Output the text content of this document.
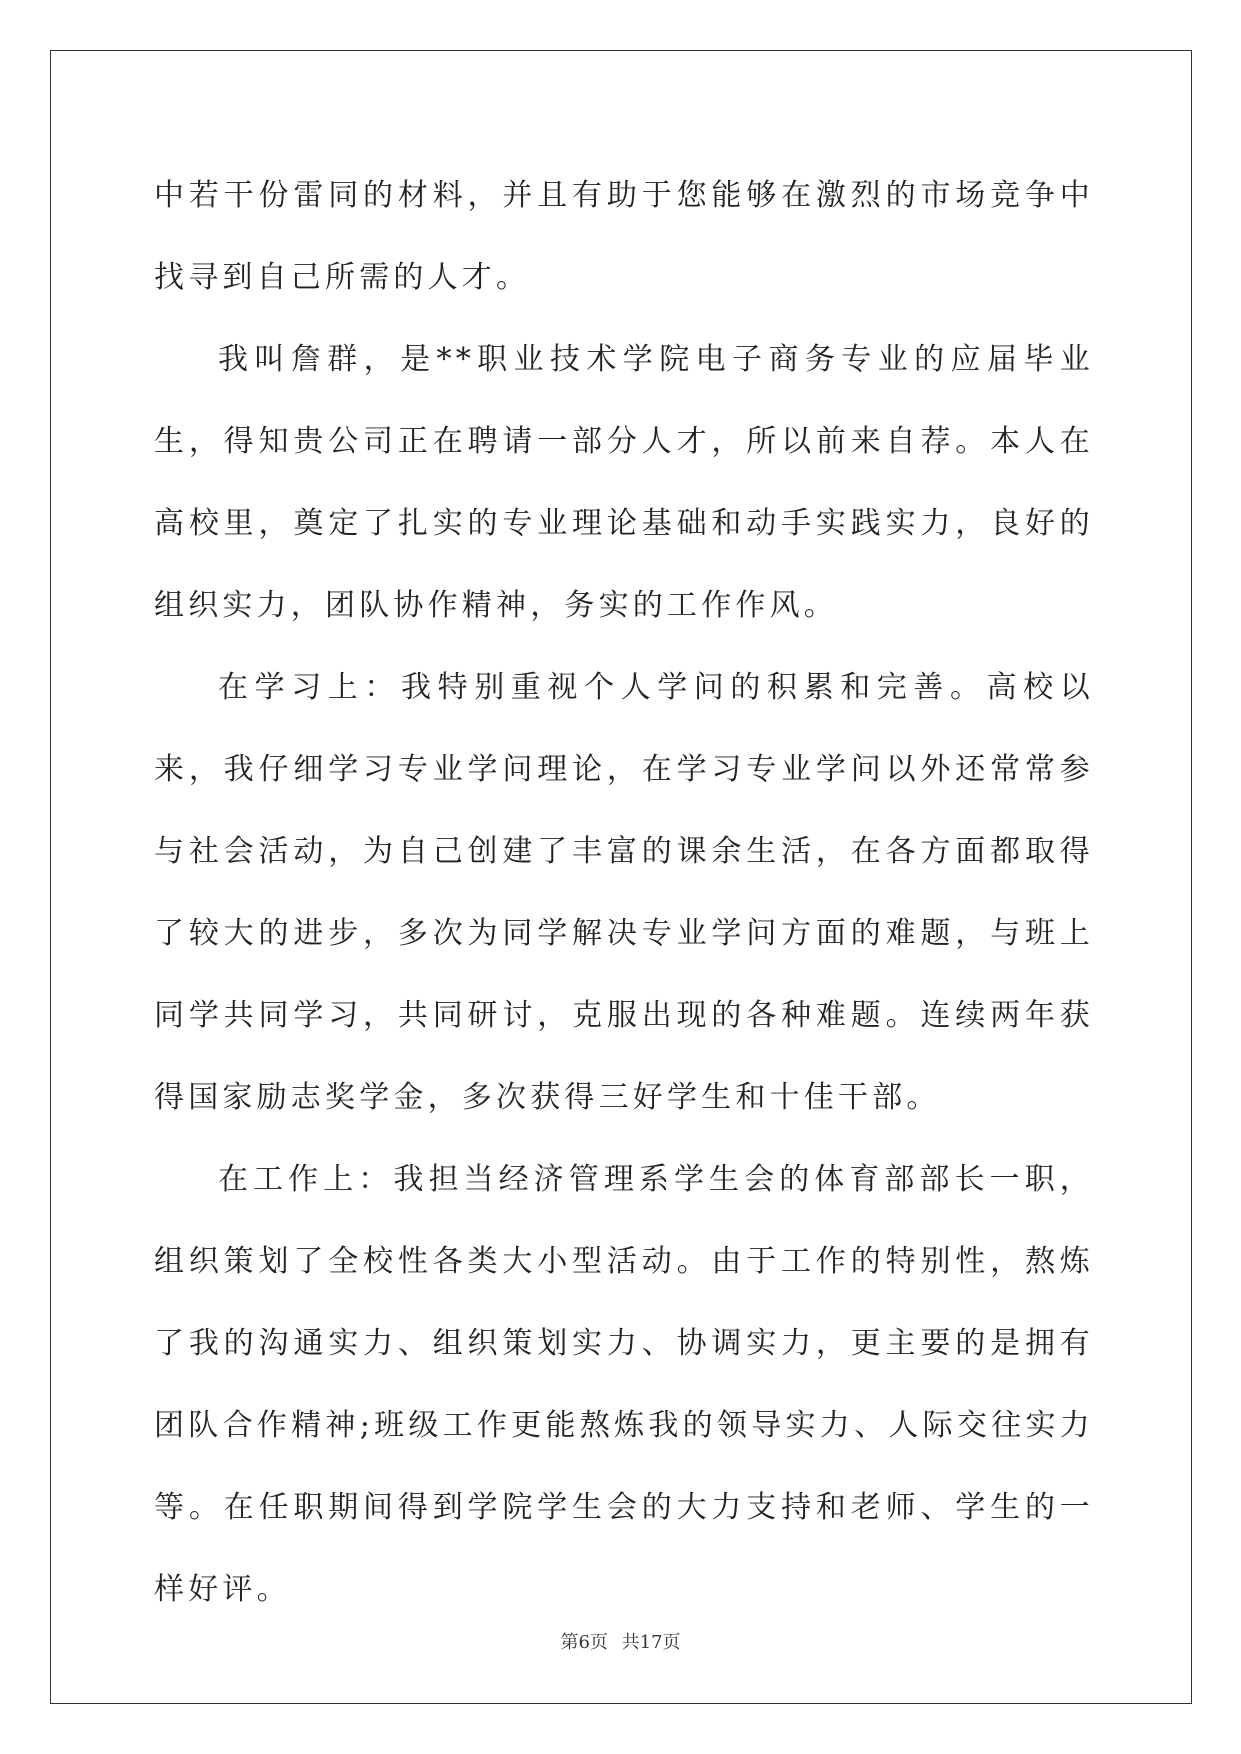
中若干份雷同的材料，并且有助于您能够在激烈的市场竞争中找寻到自己所需的人才。

我叫詹群，是**职业技术学院电子商务专业的应届毕业生，得知贵公司正在聘请一部分人才，所以前来自荐。本人在高校里，奠定了扎实的专业理论基础和动手实践实力，良好的组织实力，团队协作精神，务实的工作作风。

在学习上：我特别重视个人学问的积累和完善。高校以来，我仔细学习专业学问理论，在学习专业学问以外还常常参与社会活动，为自己创建了丰富的课余生活，在各方面都取得了较大的进步，多次为同学解决专业学问方面的难题，与班上同学共同学习，共同研讨，克服出现的各种难题。连续两年获得国家励志奖学金，多次获得三好学生和十佳干部。

在工作上：我担当经济管理系学生会的体育部部长一职，组织策划了全校性各类大小型活动。由于工作的特别性，熬炼了我的沟通实力、组织策划实力、协调实力，更主要的是拥有团队合作精神;班级工作更能熬炼我的领导实力、人际交往实力等。在任职期间得到学院学生会的大力支持和老师、学生的一样好评。

第6页 共17页
